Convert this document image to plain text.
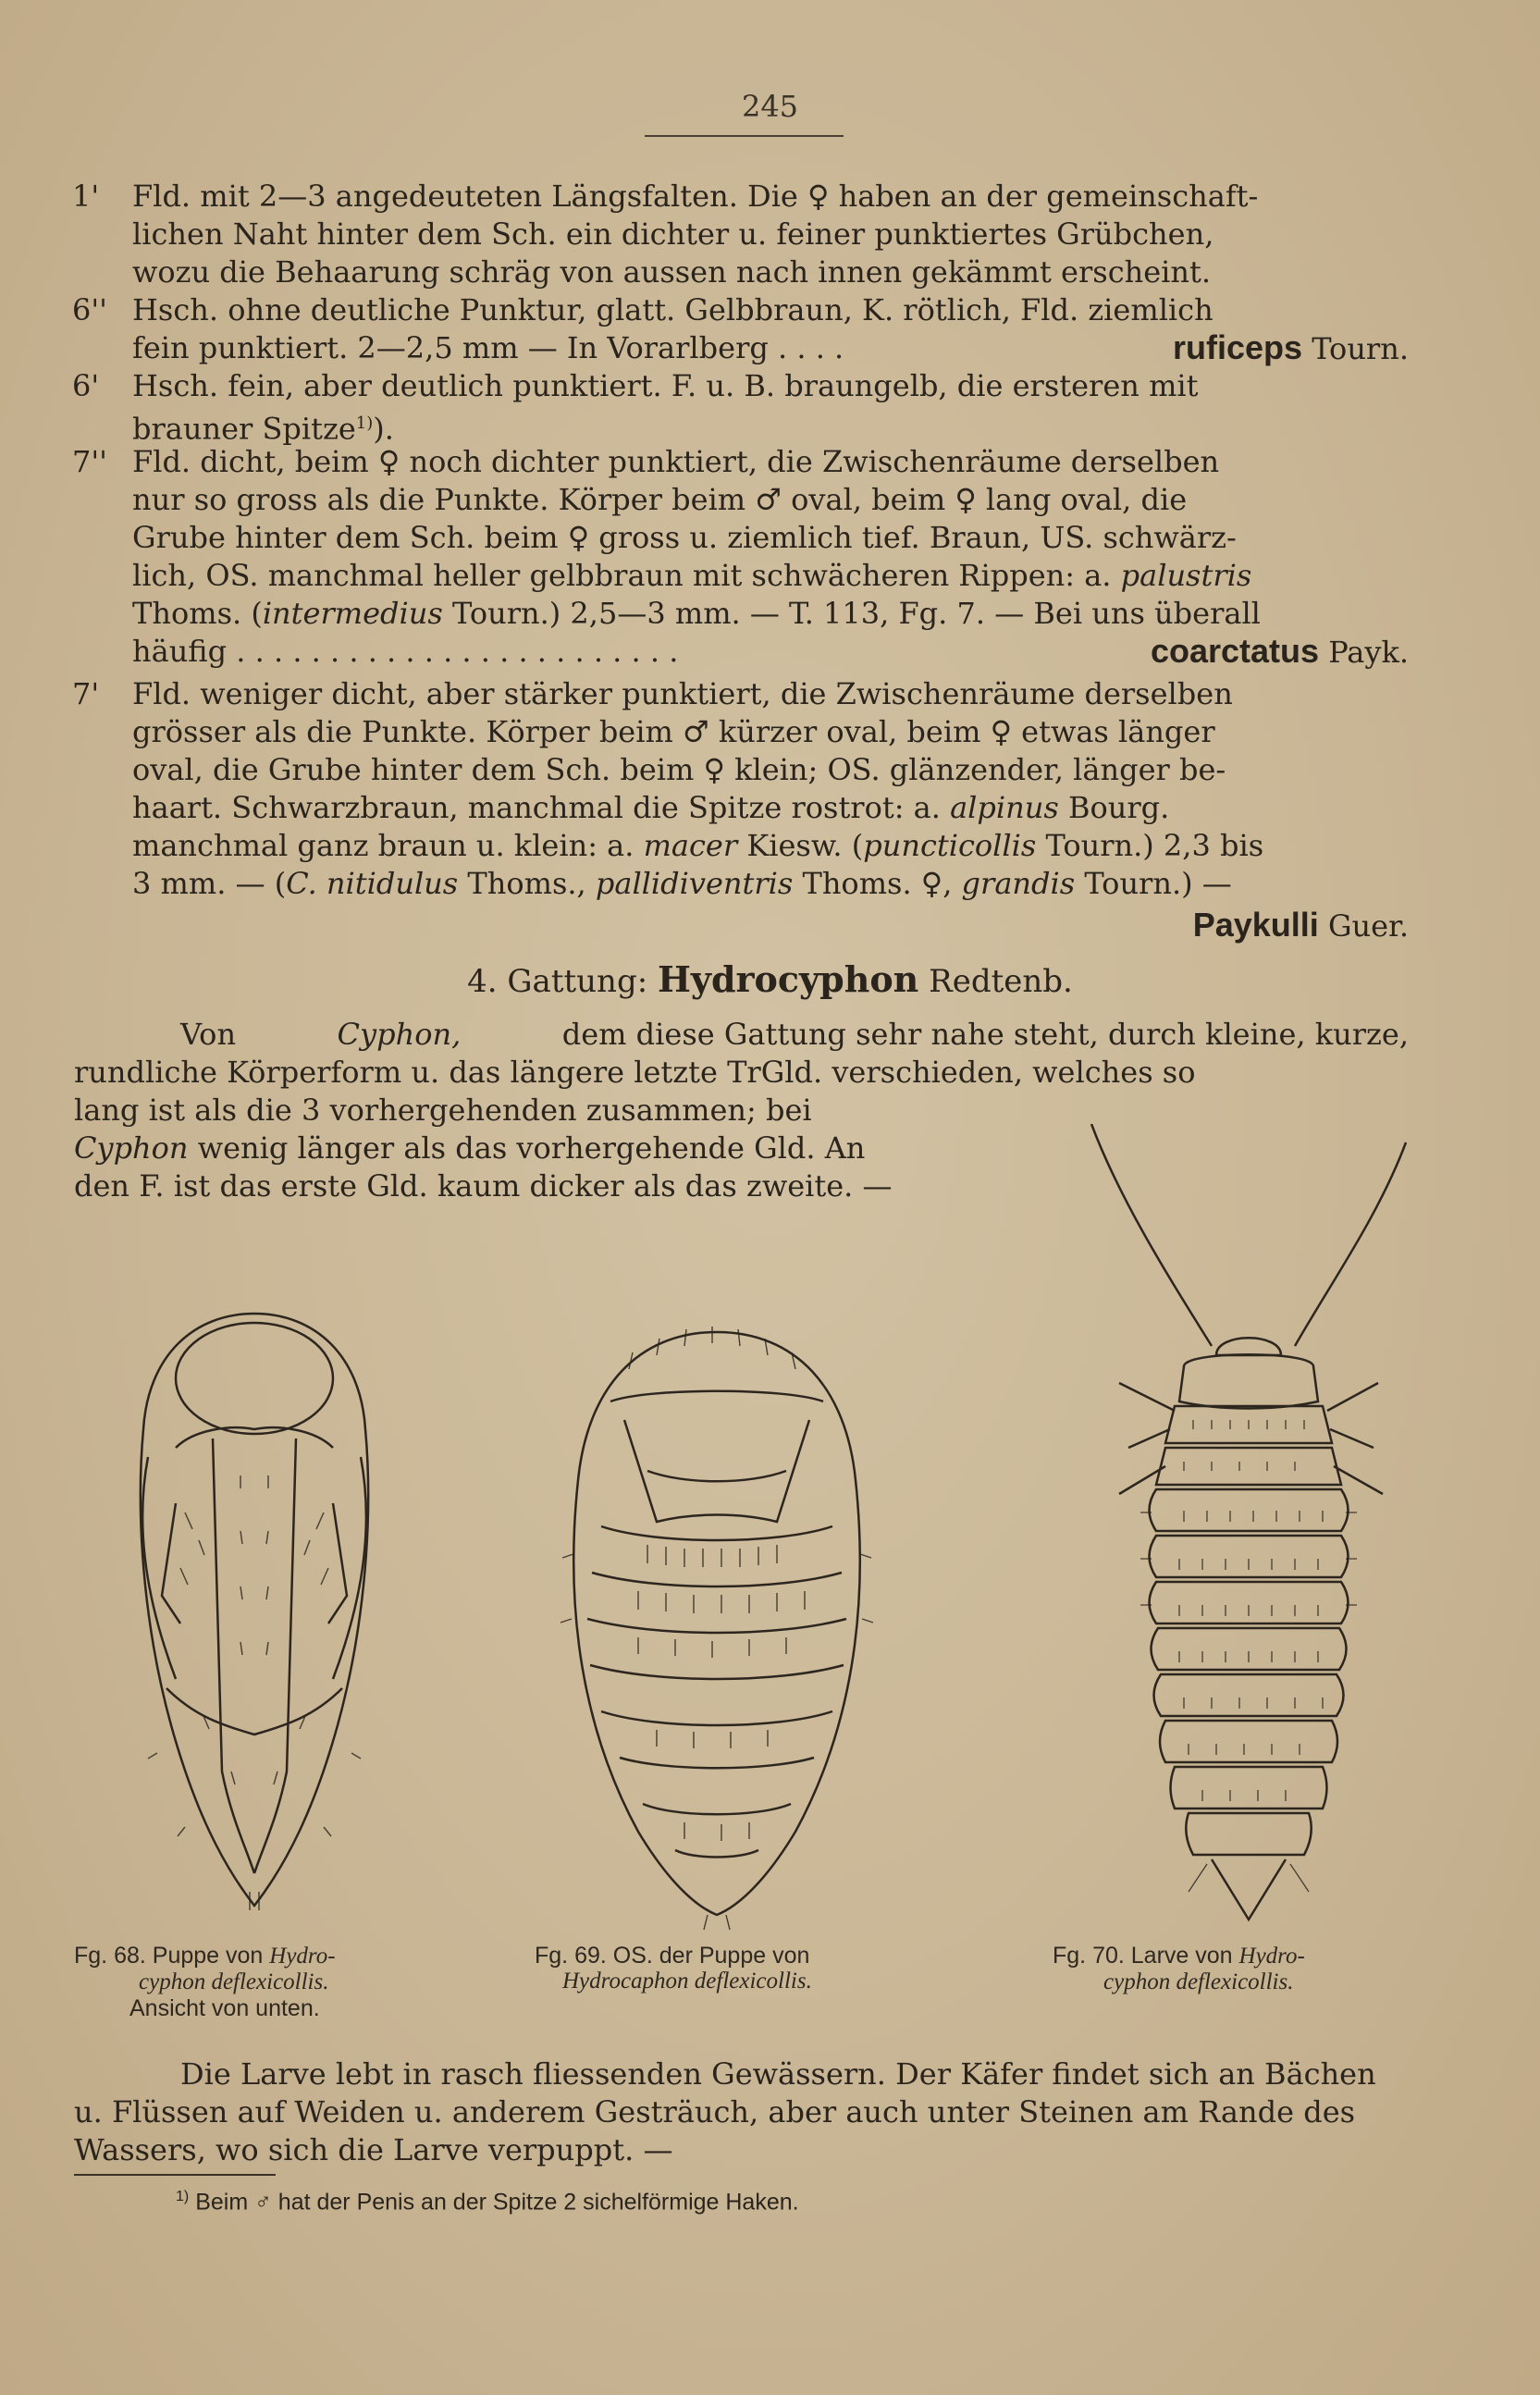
245
1' Fld. mit 2—3 angedeuteten Längsfalten. Die ♀ haben an der gemeinschaft-
lichen Naht hinter dem Sch. ein dichter u. feiner punktiertes Grübchen,
wozu die Behaarung schräg von aussen nach innen gekämmt erscheint.
6'' Hsch. ohne deutliche Punktur, glatt. Gelbbraun, K. rötlich, Fld. ziemlich
fein punktiert. 2—2,5 mm — In Vorarlberg . . . .	ruficeps Tourn.
6' Hsch. fein, aber deutlich punktiert. F. u. B. braungelb, die ersteren mit
brauner Spitze$^{1)}$).
7'' Fld. dicht, beim ♀ noch dichter punktiert, die Zwischenräume derselben
nur so gross als die Punkte. Körper beim ♂ oval, beim ♀ lang oval, die
Grube hinter dem Sch. beim ♀ gross u. ziemlich tief. Braun, US. schwärz-
lich, OS. manchmal heller gelbbraun mit schwächeren Rippen: a. palustris
Thoms. (intermedius Tourn.) 2,5—3 mm. — T. 113, Fg. 7. — Bei uns überall
häufig . . . . . . . . . . . . . . . . . . . . . . . .	coarctatus Payk.
7' Fld. weniger dicht, aber stärker punktiert, die Zwischenräume derselben
grösser als die Punkte. Körper beim ♂ kürzer oval, beim ♀ etwas länger
oval, die Grube hinter dem Sch. beim ♀ klein; OS. glänzender, länger be-
haart. Schwarzbraun, manchmal die Spitze rostrot: a. alpinus Bourg.
manchmal ganz braun u. klein: a. macer Kiesw. (puncticollis Tourn.) 2,3 bis
3 mm. — (C. nitidulus Thoms., pallidiventris Thoms. ♀, grandis Tourn.) —
Paykulli Guer.
4. Gattung: Hydrocyphon Redtenb.
Von	Cyphon,	dem diese Gattung sehr nahe steht, durch kleine, kurze,
rundliche Körperform u. das längere letzte TrGld. verschieden, welches so
lang ist als die 3 vorhergehenden zusammen; bei
Cyphon wenig länger als das vorhergehende Gld. An
den F. ist das erste Gld. kaum dicker als das zweite. —
Fg. 68. Puppe von Hydro-
cyphon deflexicollis.
Ansicht von unten.
Fg. 69. OS. der Puppe von
Hydrocaphon deflexicollis.
Fg. 70. Larve von Hydro-
cyphon deflexicollis.
Die Larve lebt in rasch fliessenden Gewässern. Der Käfer findet sich an Bächen
u. Flüssen auf Weiden u. anderem Gesträuch, aber auch unter Steinen am Rande des
Wassers, wo sich die Larve verpuppt. —
$^{1)}$ Beim ♂ hat der Penis an der Spitze 2 sichelförmige Haken.
